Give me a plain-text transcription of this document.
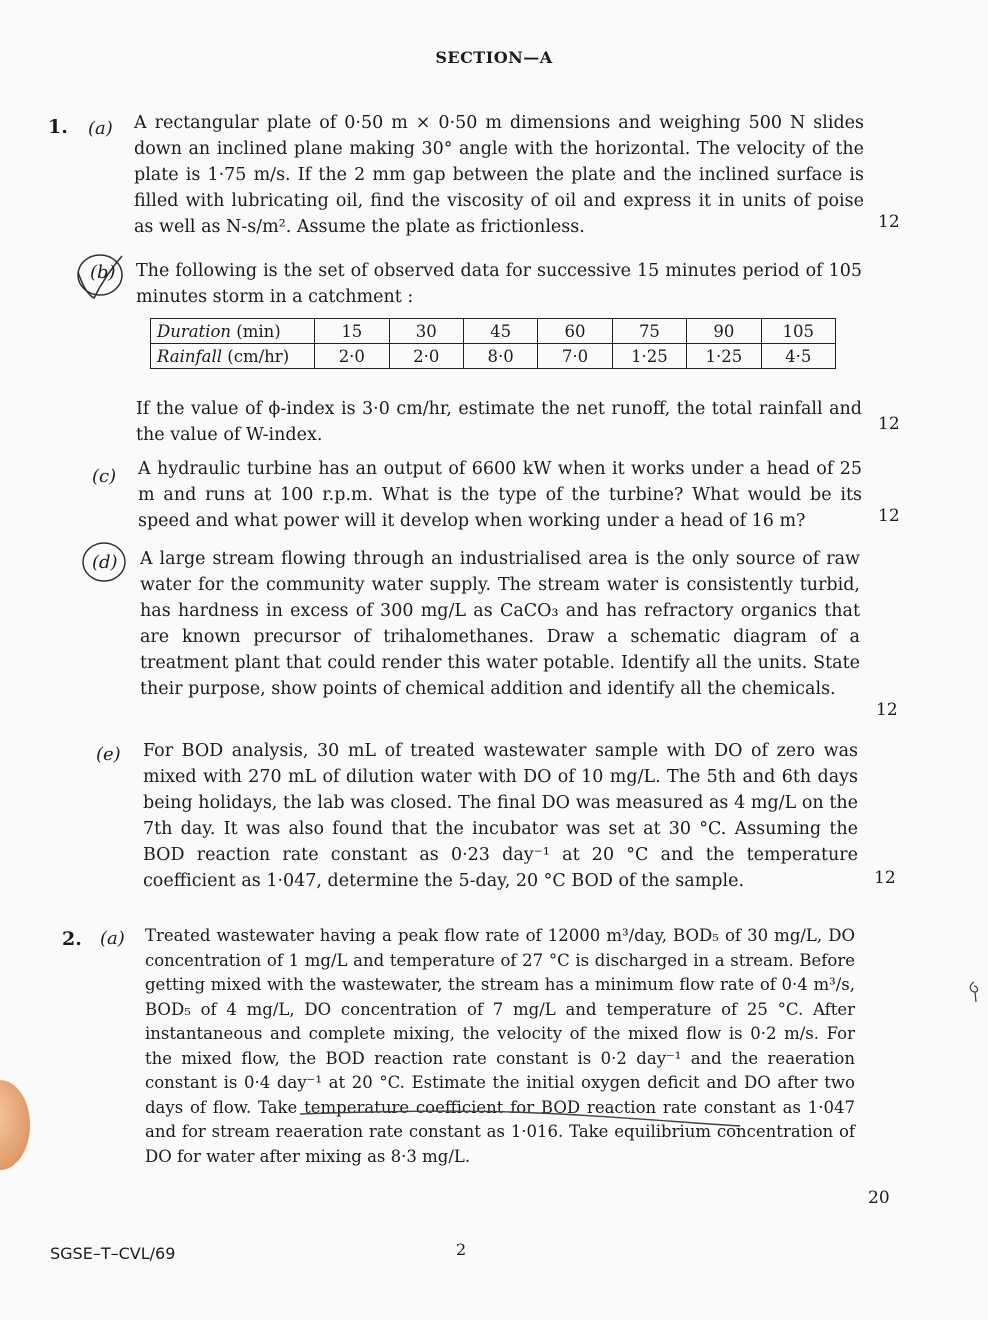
SECTION—A
1. (a) A rectangular plate of 0·50 m × 0·50 m dimensions and weighing 500 N slides down an inclined plane making 30° angle with the horizontal. The velocity of the plate is 1·75 m/s. If the 2 mm gap between the plate and the inclined surface is filled with lubricating oil, find the viscosity of oil and express it in units of poise as well as N-s/m². Assume the plate as frictionless.	12
(b) The following is the set of observed data for successive 15 minutes period of 105 minutes storm in a catchment :
Duration (min)	15	30	45	60	75	90	105
Rainfall (cm/hr)	2·0	2·0	8·0	7·0	1·25	1·25	4·5
If the value of ϕ-index is 3·0 cm/hr, estimate the net runoff, the total rainfall and the value of W-index.
12
(c) A hydraulic turbine has an output of 6600 kW when it works under a head of 25 m and runs at 100 r.p.m. What is the type of the turbine? What would be its speed and what power will it develop when working under a head of 16 m?	12
(d) A large stream flowing through an industrialised area is the only source of raw water for the community water supply. The stream water is consistently turbid, has hardness in excess of 300 mg/L as CaCO₃ and has refractory organics that are known precursor of trihalomethanes. Draw a schematic diagram of a treatment plant that could render this water potable. Identify all the units. State their purpose, show points of chemical addition and identify all the chemicals.
12
(e) For BOD analysis, 30 mL of treated wastewater sample with DO of zero was mixed with 270 mL of dilution water with DO of 10 mg/L. The 5th and 6th days being holidays, the lab was closed. The final DO was measured as 4 mg/L on the 7th day. It was also found that the incubator was set at 30 °C. Assuming the BOD reaction rate constant as 0·23 day⁻¹ at 20 °C and the temperature coefficient as 1·047, determine the 5-day, 20 °C BOD of the sample.	12
2. (a) Treated wastewater having a peak flow rate of 12000 m³/day, BOD₅ of 30 mg/L, DO concentration of 1 mg/L and temperature of 27 °C is discharged in a stream. Before getting mixed with the wastewater, the stream has a minimum flow rate of 0·4 m³/s, BOD₅ of 4 mg/L, DO concentration of 7 mg/L and temperature of 25 °C. After instantaneous and complete mixing, the velocity of the mixed flow is 0·2 m/s. For the mixed flow, the BOD reaction rate constant is 0·2 day⁻¹ and the reaeration constant is 0·4 day⁻¹ at 20 °C. Estimate the initial oxygen deficit and DO after two days of flow. Take temperature coefficient for BOD reaction rate constant as 1·047 and for stream reaeration rate constant as 1·016. Take equilibrium concentration of DO for water after mixing as 8·3 mg/L.
20
SGSE–T–CVL/69	2
